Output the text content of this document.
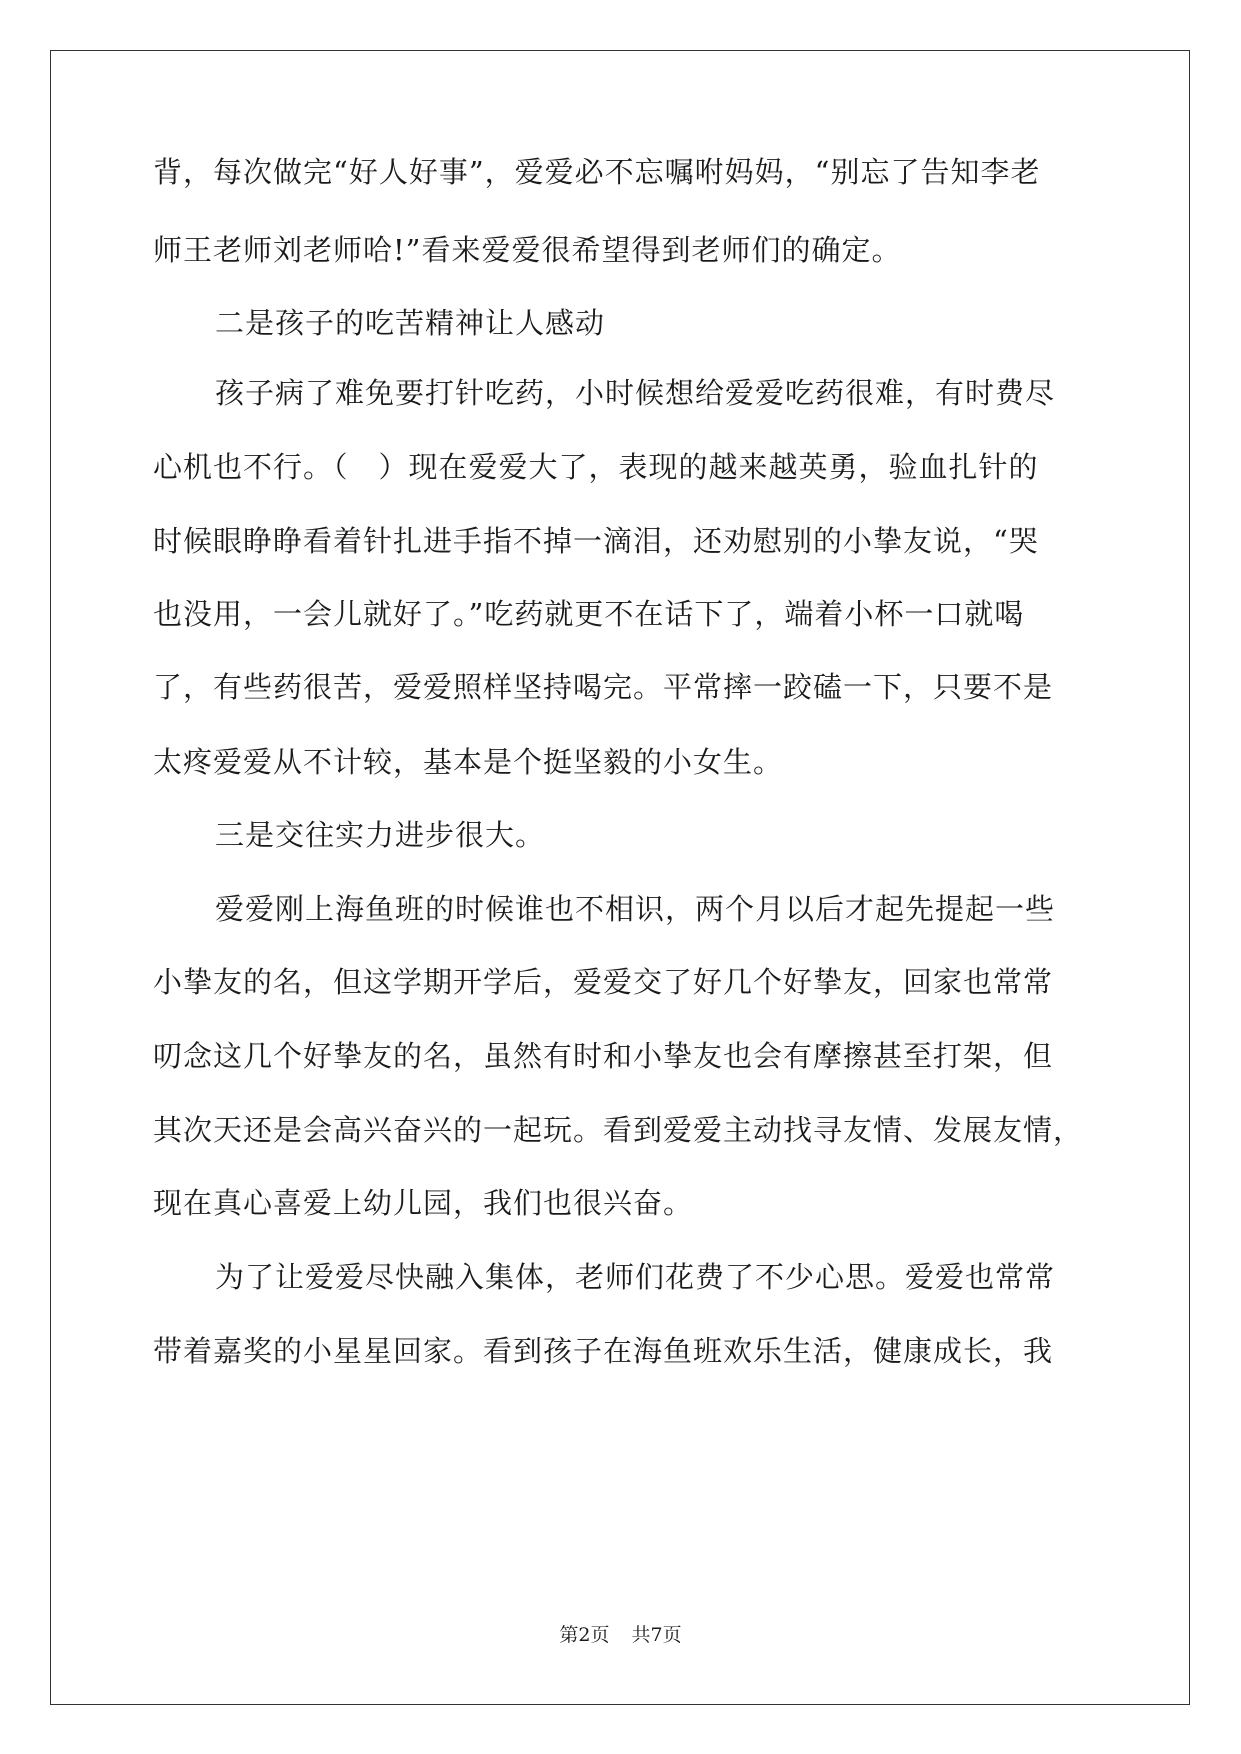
背，每次做完“好人好事”，爱爱必不忘嘱咐妈妈，“别忘了告知李老
师王老师刘老师哈!”看来爱爱很希望得到老师们的确定。
二是孩子的吃苦精神让人感动
孩子病了难免要打针吃药，小时候想给爱爱吃药很难，有时费尽
心机也不行。（　）现在爱爱大了，表现的越来越英勇，验血扎针的
时候眼睁睁看着针扎进手指不掉一滴泪，还劝慰别的小挚友说，“哭
也没用，一会儿就好了。”吃药就更不在话下了，端着小杯一口就喝
了，有些药很苦，爱爱照样坚持喝完。平常摔一跤磕一下，只要不是
太疼爱爱从不计较，基本是个挺坚毅的小女生。
三是交往实力进步很大。
爱爱刚上海鱼班的时候谁也不相识，两个月以后才起先提起一些
小挚友的名，但这学期开学后，爱爱交了好几个好挚友，回家也常常
叨念这几个好挚友的名，虽然有时和小挚友也会有摩擦甚至打架，但
其次天还是会高兴奋兴的一起玩。看到爱爱主动找寻友情、发展友情，
现在真心喜爱上幼儿园，我们也很兴奋。
为了让爱爱尽快融入集体，老师们花费了不少心思。爱爱也常常
带着嘉奖的小星星回家。看到孩子在海鱼班欢乐生活，健康成长，我
第2页 共7页
